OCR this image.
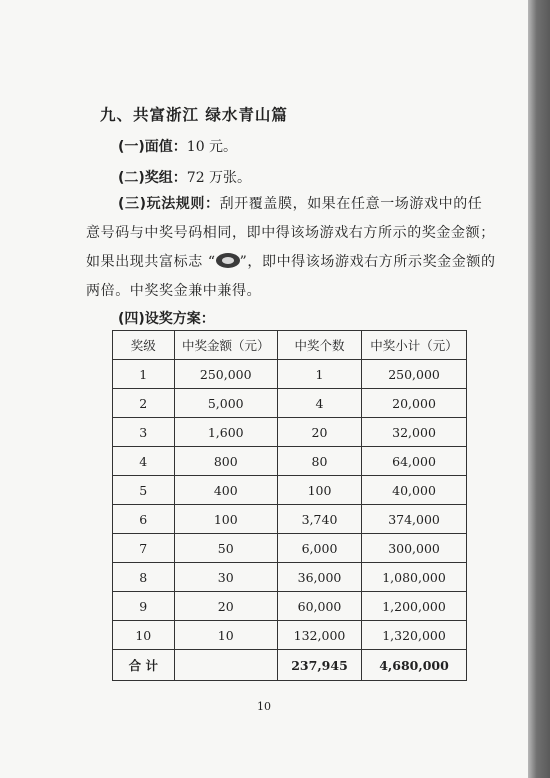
九、共富浙江 绿水青山篇
(一)面值：10 元。
(二)奖组：72 万张。
(三)玩法规则：刮开覆盖膜，如果在任意一场游戏中的任意号码与中奖号码相同，即中得该场游戏右方所示的奖金金额；如果出现共富标志 “ ”，即中得该场游戏右方所示奖金金额的两倍。中奖奖金兼中兼得。
(四)设奖方案：
奖级	中奖金额（元）	中奖个数	中奖小计（元）
1	250,000	1	250,000
2	5,000	4	20,000
3	1,600	20	32,000
4	800	80	64,000
5	400	100	40,000
6	100	3,740	374,000
7	50	6,000	300,000
8	30	36,000	1,080,000
9	20	60,000	1,200,000
10	10	132,000	1,320,000
合 计		237,945	4,680,000
10
